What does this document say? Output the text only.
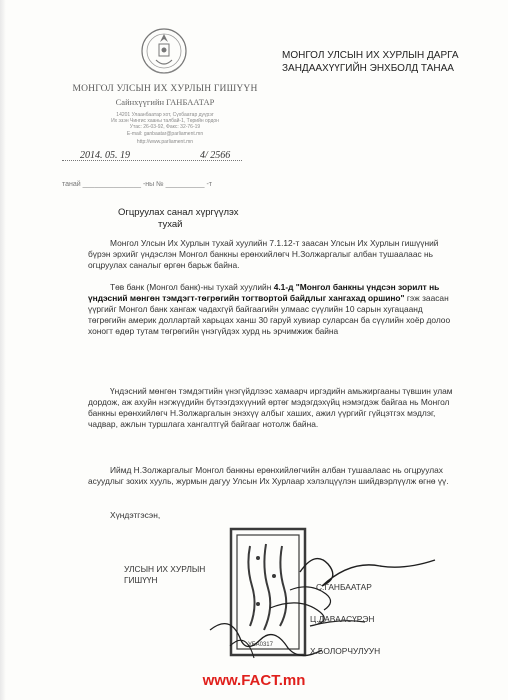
МОНГОЛ УЛСЫН ИХ ХУРЛЫН ГИШҮҮН
Сайнхүүгийн ГАНБААТАР
14201 Улаанбаатар хот, Сүхбаатар дүүрэг
Их эзэн Чингис хааны талбай-1, Төрийн ордон
Утас: 26-03-92, Факс: 32-76-19
E-mail: ganbaatar@parliament.mn
http://www.parliament.mn
2014. 05. 19	4/ 2566
танай _______________ -ны № __________ -т
МОНГОЛ УЛСЫН ИХ ХУРЛЫН ДАРГА
ЗАНДААХҮҮГИЙН ЭНХБОЛД ТАНАА
Огцруулах санал хүргүүлэх
тухай

Монгол Улсын Их Хурлын тухай хуулийн 7.1.12-т заасан Улсын Их Хурлын гишүүний бүрэн эрхийг үндэслэн Монгол банкны ерөнхийлөгч Н.Золжаргалыг албан тушаалаас нь огцруулах саналыг өргөн барьж байна.

Төв банк (Монгол банк)-ны тухай хуулийн 4.1-д "Монгол банкны үндсэн зорилт нь үндэсний мөнгөн тэмдэгт-төгрөгийн тогтвортой байдлыг хангахад оршино" гэж заасан үүргийг Монгол банк хангаж чадахгүй байгаагийн улмаас сүүлийн 10 сарын хугацаанд төгрөгийн америк доллартай харьцах ханш 30 гаруй хувиар суларсан ба сүүлийн хоёр долоо хоногт өдөр тутам төгрөгийн үнэгүйдэх хурд нь эрчимжиж байна

Үндэсний мөнгөн тэмдэгтийн үнэгүйдлээс хамаарч иргэдийн амьжиргааны түвшин улам дордож, аж ахуйн нэгжүүдийн бүтээгдэхүүний өртөг мэдэгдэхүйц нэмэгдэж байгаа нь Монгол банкны ерөнхийлөгч Н.Золжаргалын энэхүү албыг хашиx, ажил үүргийг гүйцэтгэх мэдлэг, чадвар, ажлын туршлага хангалтгүй байгааг нотолж байна.

Иймд Н.Золжаргалыг Монгол банкны ерөнхийлөгчийн албан тушаалаас нь огцруулах асуудлыг зохих хууль, журмын дагуу Улсын Их Хурлаар хэлэлцүүлэн шийдвэрлүүлж өгнө үү.

Хүндэтгэсэн,
УБА0317
УЛСЫН ИХ ХУРЛЫН
ГИШҮҮН
С.ГАНБААТАР
Ц.ДАВААСҮРЭН
Х.БОЛОРЧУЛУУН
www.FACT.mn
